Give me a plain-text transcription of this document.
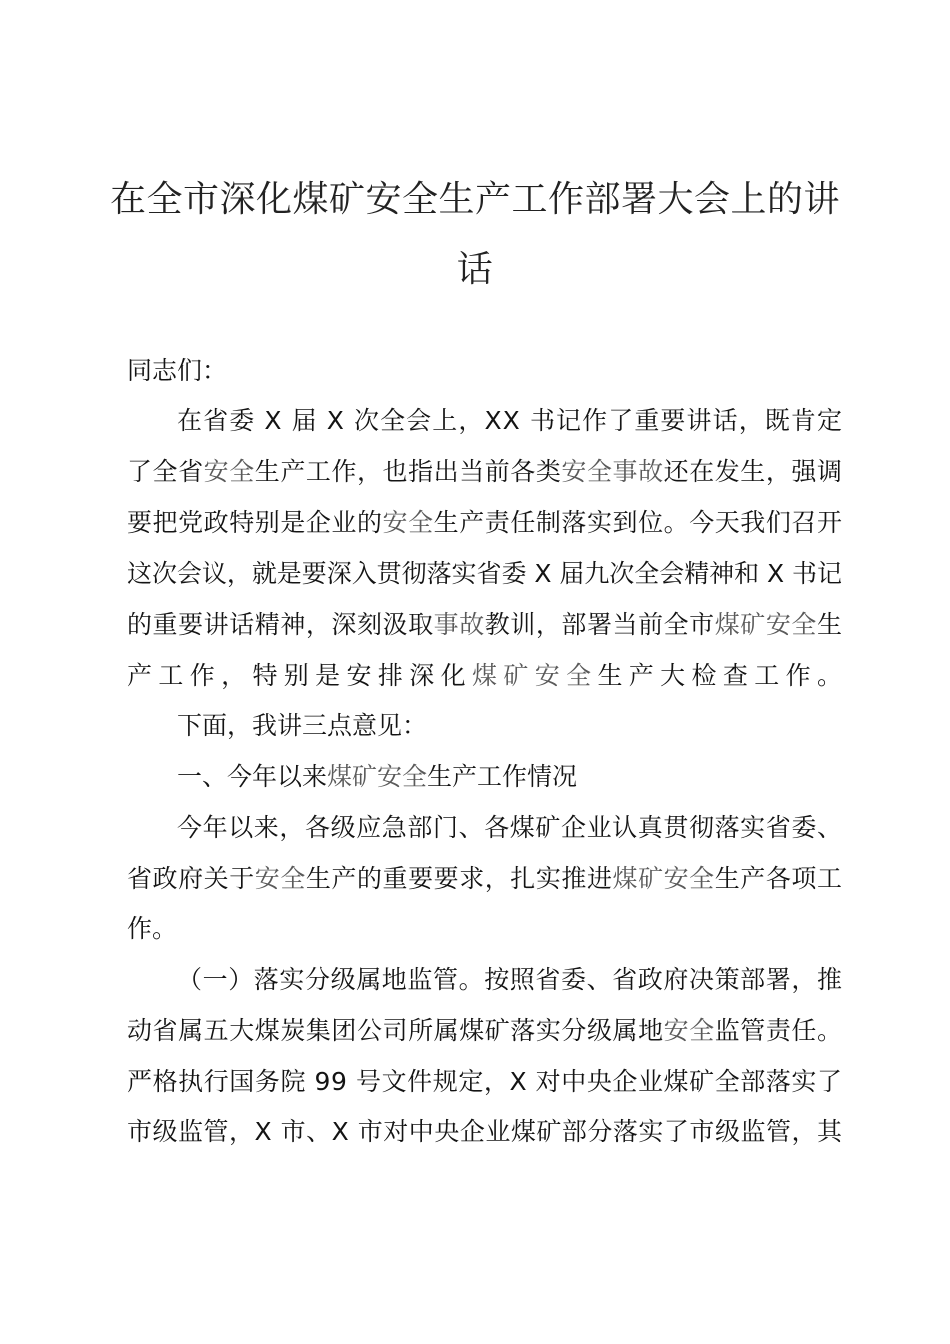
在全市深化煤矿安全生产工作部署大会上的讲
话
同志们：
在省委 X 届 X 次全会上，XX 书记作了重要讲话，既肯定
了全省安全生产工作，也指出当前各类安全事故还在发生，强调
要把党政特别是企业的安全生产责任制落实到位。今天我们召开
这次会议，就是要深入贯彻落实省委 X 届九次全会精神和 X 书记
的重要讲话精神，深刻汲取事故教训，部署当前全市煤矿安全生
产工作，特别是安排深化煤矿安全生产大检查工作。
下面，我讲三点意见：
一、今年以来煤矿安全生产工作情况
今年以来，各级应急部门、各煤矿企业认真贯彻落实省委、
省政府关于安全生产的重要要求，扎实推进煤矿安全生产各项工
作。
（一）落实分级属地监管。按照省委、省政府决策部署，推
动省属五大煤炭集团公司所属煤矿落实分级属地安全监管责任。
严格执行国务院 99 号文件规定，X 对中央企业煤矿全部落实了
市级监管，X 市、X 市对中央企业煤矿部分落实了市级监管，其
